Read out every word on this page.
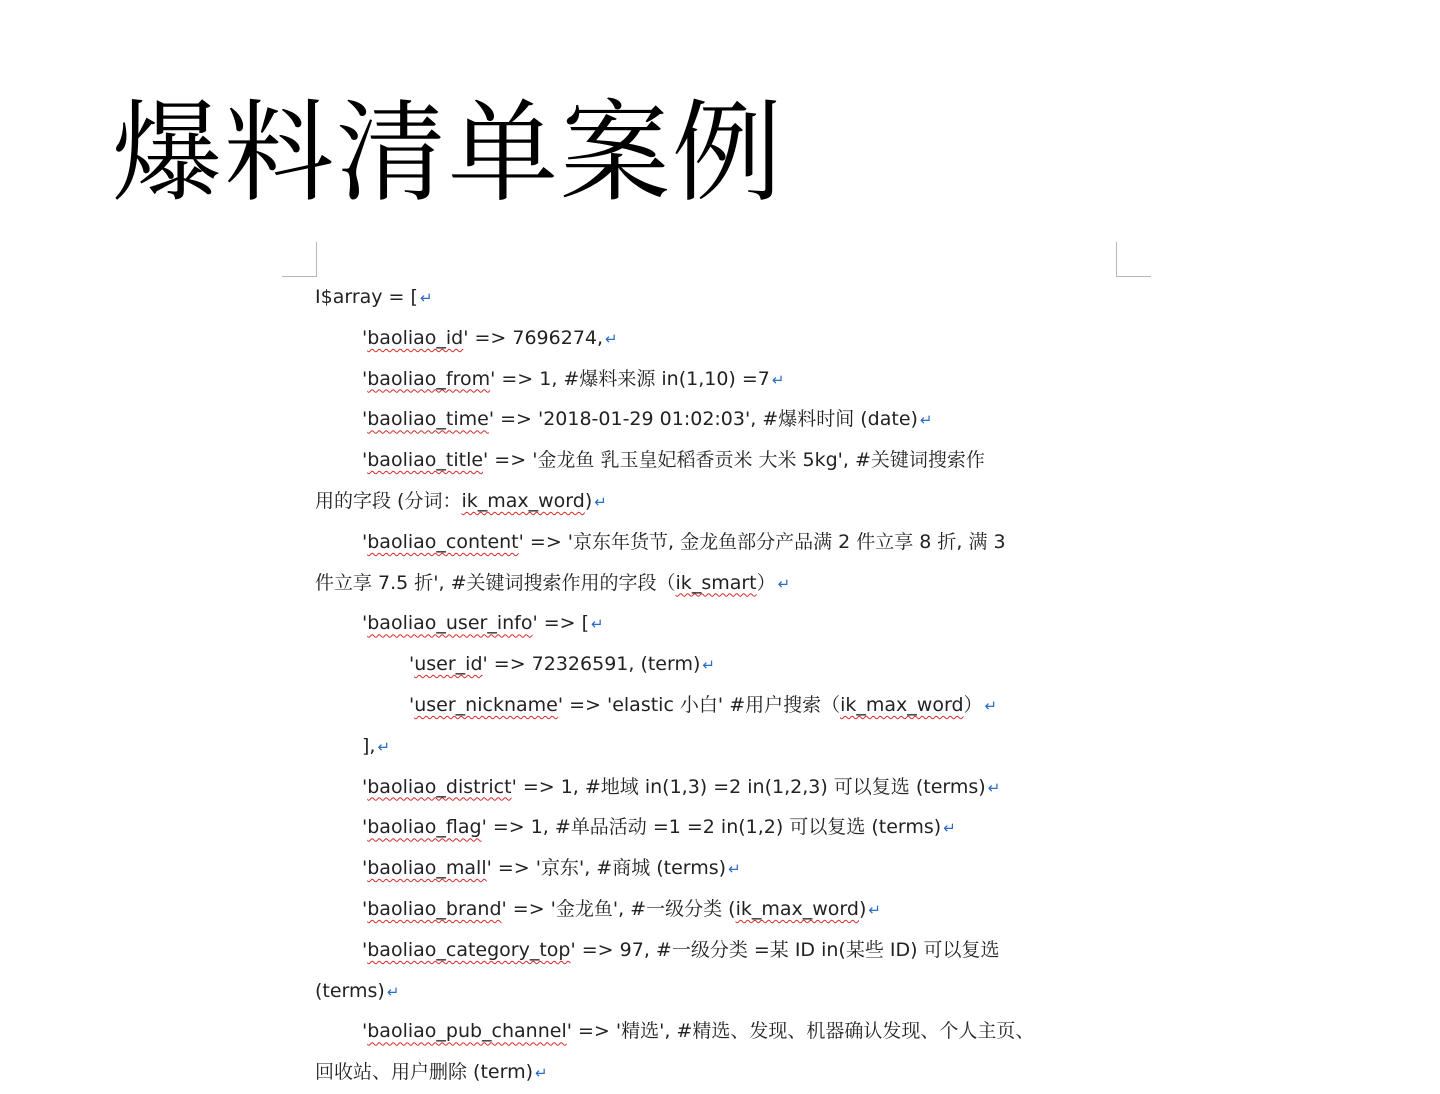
爆料清单案例
I$array = [ ↵
'baoliao_id' => 7696274, ↵
'baoliao_from' => 1, #爆料来源 in(1,10) =7 ↵
'baoliao_time' => '2018-01-29 01:02:03', #爆料时间 (date) ↵
'baoliao_title' => '金龙鱼 乳玉皇妃稻香贡米 大米 5kg', #关键词搜索作
用的字段 (分词：ik_max_word) ↵
'baoliao_content' => '京东年货节, 金龙鱼部分产品满 2 件立享 8 折, 满 3
件立享 7.5 折', #关键词搜索作用的字段（ik_smart） ↵
'baoliao_user_info' => [ ↵
'user_id' => 72326591, (term) ↵
'user_nickname' => 'elastic 小白' #用户搜索（ik_max_word） ↵
], ↵
'baoliao_district' => 1, #地域 in(1,3) =2 in(1,2,3) 可以复选 (terms) ↵
'baoliao_flag' => 1, #单品活动 =1 =2 in(1,2) 可以复选 (terms) ↵
'baoliao_mall' => '京东', #商城 (terms) ↵
'baoliao_brand' => '金龙鱼', #一级分类 (ik_max_word) ↵
'baoliao_category_top' => 97, #一级分类 =某 ID in(某些 ID) 可以复选
(terms) ↵
'baoliao_pub_channel' => '精选', #精选、发现、机器确认发现、个人主页、
回收站、用户删除 (term) ↵
